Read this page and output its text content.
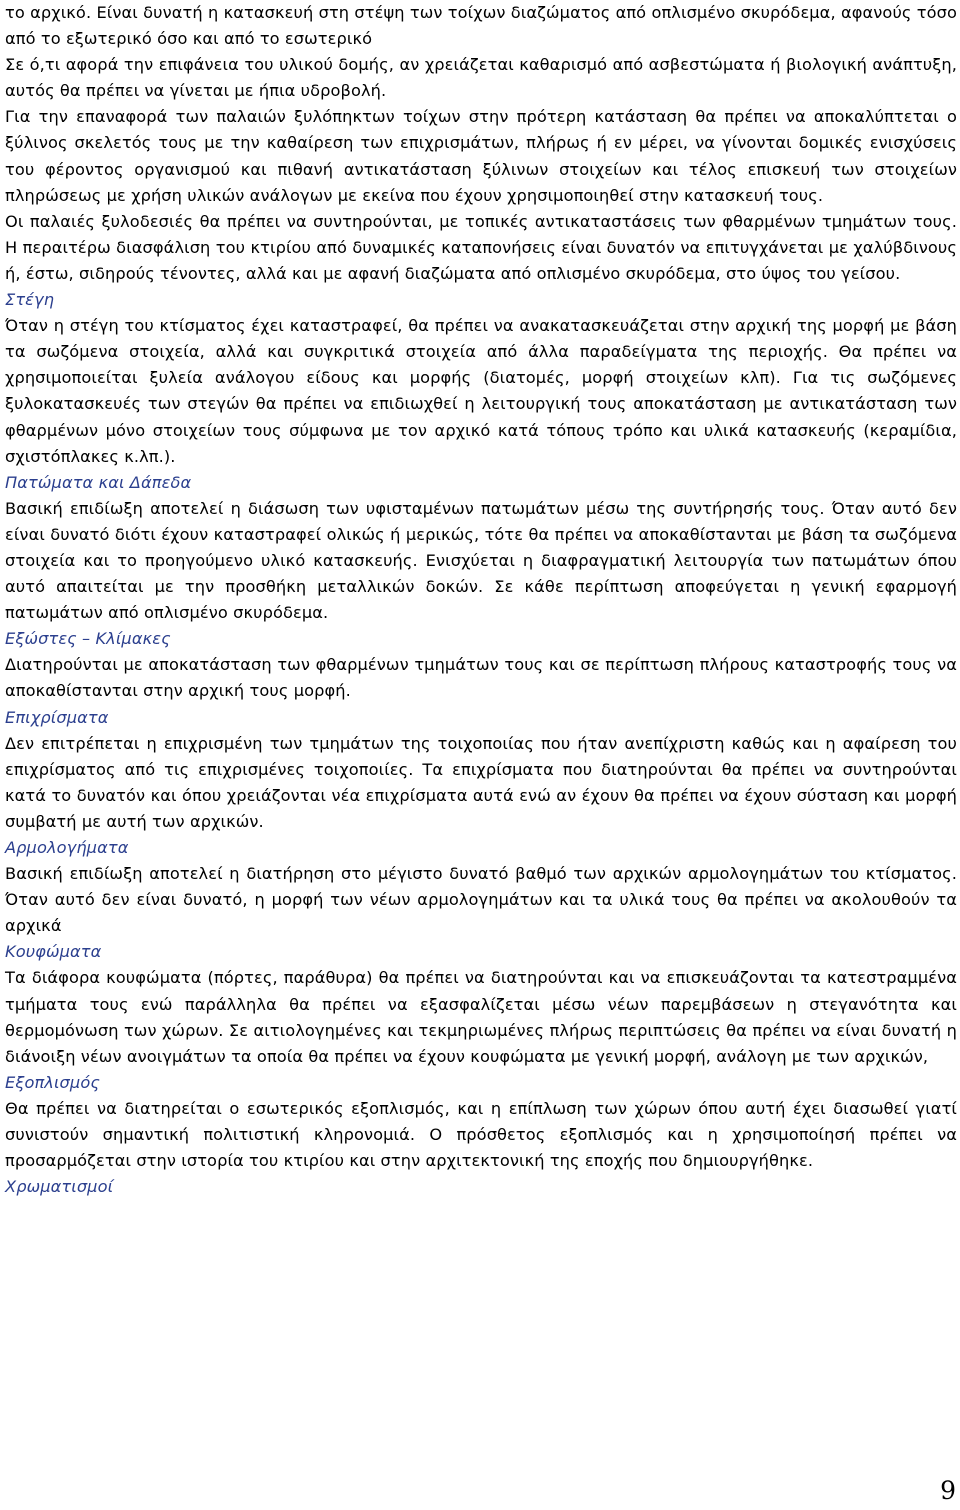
το αρχικό. Είναι δυνατή η κατασκευή στη στέψη των τοίχων διαζώματος από οπλισμένο σκυρόδεμα, αφανούς τόσο από το εξωτερικό όσο και από το εσωτερικό

Σε ό,τι αφορά την επιφάνεια του υλικού δομής, αν χρειάζεται καθαρισμό από ασβεστώματα ή βιολογική ανάπτυξη, αυτός θα πρέπει να γίνεται με ήπια υδροβολή.

Για την επαναφορά των παλαιών ξυλόπηκτων τοίχων στην πρότερη κατάσταση θα πρέπει να αποκαλύπτεται ο ξύλινος σκελετός τους με την καθαίρεση των επιχρισμάτων, πλήρως ή εν μέρει, να γίνονται δομικές ενισχύσεις του φέροντος οργανισμού και πιθανή αντικατάσταση ξύλινων στοιχείων και τέλος επισκευή των στοιχείων πληρώσεως με χρήση υλικών ανάλογων με εκείνα που έχουν χρησιμοποιηθεί στην κατασκευή τους.

Οι παλαιές ξυλοδεσιές θα πρέπει να συντηρούνται, με τοπικές αντικαταστάσεις των φθαρμένων τμημάτων τους. Η περαιτέρω διασφάλιση του κτιρίου από δυναμικές καταπονήσεις είναι δυνατόν να επιτυγχάνεται με χαλύβδινους ή, έστω, σιδηρούς τένοντες, αλλά και με αφανή διαζώματα από οπλισμένο σκυρόδεμα, στο ύψος του γείσου.

Στέγη

Όταν η στέγη του κτίσματος έχει καταστραφεί, θα πρέπει να ανακατασκευάζεται στην αρχική της μορφή με βάση τα σωζόμενα στοιχεία, αλλά και συγκριτικά στοιχεία από άλλα παραδείγματα της περιοχής. Θα πρέπει να χρησιμοποιείται ξυλεία ανάλογου είδους και μορφής (διατομές, μορφή στοιχείων κλπ). Για τις σωζόμενες ξυλοκατασκευές των στεγών θα πρέπει να επιδιωχθεί η λειτουργική τους αποκατάσταση με αντικατάσταση των φθαρμένων μόνο στοιχείων τους σύμφωνα με τον αρχικό κατά τόπους τρόπο και υλικά κατασκευής (κεραμίδια, σχιστόπλακες κ.λπ.).

Πατώματα και Δάπεδα

Βασική επιδίωξη αποτελεί η διάσωση των υφισταμένων πατωμάτων μέσω της συντήρησής τους. Όταν αυτό δεν είναι δυνατό διότι έχουν καταστραφεί ολικώς ή μερικώς, τότε θα πρέπει να αποκαθίστανται με βάση τα σωζόμενα στοιχεία και το προηγούμενο υλικό κατασκευής. Ενισχύεται η διαφραγματική λειτουργία των πατωμάτων όπου αυτό απαιτείται με την προσθήκη μεταλλικών δοκών. Σε κάθε περίπτωση αποφεύγεται η γενική εφαρμογή πατωμάτων από οπλισμένο σκυρόδεμα.

Εξώστες – Κλίμακες

Διατηρούνται με αποκατάσταση των φθαρμένων τμημάτων τους και σε περίπτωση πλήρους καταστροφής τους να αποκαθίστανται στην αρχική τους μορφή.

Επιχρίσματα

Δεν επιτρέπεται η επιχρισμένη των τμημάτων της τοιχοποιίας που ήταν ανεπίχριστη καθώς και η αφαίρεση του επιχρίσματος από τις επιχρισμένες τοιχοποιίες. Τα επιχρίσματα που διατηρούνται θα πρέπει να συντηρούνται κατά το δυνατόν και όπου χρειάζονται νέα επιχρίσματα αυτά ενώ αν έχουν θα πρέπει να έχουν σύσταση και μορφή συμβατή με αυτή των αρχικών.

Αρμολογήματα

Βασική επιδίωξη αποτελεί η διατήρηση στο μέγιστο δυνατό βαθμό των αρχικών αρμολογημάτων του κτίσματος. Όταν αυτό δεν είναι δυνατό, η μορφή των νέων αρμολογημάτων και τα υλικά τους θα πρέπει να ακολουθούν τα αρχικά

Κουφώματα

Τα διάφορα κουφώματα (πόρτες, παράθυρα) θα πρέπει να διατηρούνται και να επισκευάζονται τα κατεστραμμένα τμήματα τους ενώ παράλληλα θα πρέπει να εξασφαλίζεται μέσω νέων παρεμβάσεων η στεγανότητα και θερμομόνωση των χώρων. Σε αιτιολογημένες και τεκμηριωμένες πλήρως περιπτώσεις θα πρέπει να είναι δυνατή η διάνοιξη νέων ανοιγμάτων τα οποία θα πρέπει να έχουν κουφώματα με γενική μορφή, ανάλογη με των αρχικών,

Εξοπλισμός

Θα πρέπει να διατηρείται ο εσωτερικός εξοπλισμός, και η επίπλωση των χώρων όπου αυτή έχει διασωθεί γιατί συνιστούν σημαντική πολιτιστική κληρονομιά. Ο πρόσθετος εξοπλισμός και η χρησιμοποίησή πρέπει να προσαρμόζεται στην ιστορία του κτιρίου και στην αρχιτεκτονική της εποχής που δημιουργήθηκε.

Χρωματισμοί

9
